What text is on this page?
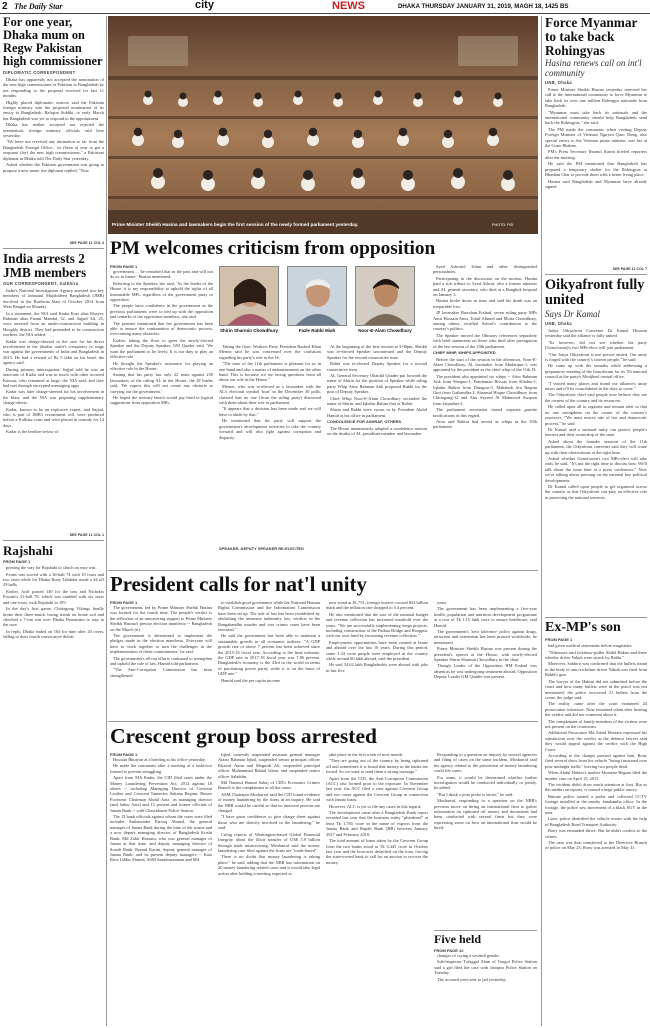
2 The Daily Star	city	NEWS	DHAKA THURSDAY JANUARY 31, 2019, MAGH 18, 1425 BS
For one year, Dhaka mum on Regw Pakistan high commissioner
DIPLOMATIC CORRESPONDENT

Dhaka has apparently not accepted the nomination of the new high commissioner of Pakistan to Bangladesh by not responding to the proposal received for last 11 months.

Highly placed diplomatic sources said the Pakistan foreign ministry sent the proposed nomination of its envoy to Bangladesh, Rafiqim Siddiki, to early March but Bangladesh was yet to respond to the appointment.

Dhaka has neither accepted nor rejected the nomination, foreign ministry officials said here yesterday.

"We have not received any intimation so far from the Bangladesh Foreign Office... its (been a) year to get a response (for) the new high commissioner," a Pakistani diplomat in Dhaka told The Daily Star yesterday.

Asked whether the Pakistan government was going to propose a new name, the diplomat replied, "Now

SEE PAGE 11 COL 4
India arrests 2 JMB members
OUR CORRESPONDENT, Satkhira

India's National Investigation Agency arrested two key members of Jamaatul Mujahideen Bangladesh (JMB) involved in the Burdwan blast of October 2014 from West Bengal on Monday.

In a statement, the NIA said Kadar Kazi alias Khayer, Rahman alias Farani Mandal, 32, and Sajjad Ali, 25, were arrested from an under-construction building in Hooghly district. They had pretended to be construction workers, the NIA added.

Kadar was charge-sheeted in the case for his direct involvement in the jihadist outfit's conspiracy to wage war against the governments of India and Bangladesh in 2013. He had a reward of Rs 5 lakh on his head, the agency said.

During primary interrogation, Sajjad told he was an associate of Kadar and was in touch with other accused Kawsar, who remained at large; the NIA said, and they had met through encrypted messaging apps.

Kadar was later charge-sheeted for his involvement in the blast, and the NIA was preparing supplementary charge-sheets.

Kadar, known to be an explosive expert, and Sajjad, who is part of JMB's recruitment cell, were produced before a Kolkata court and were placed in custody for 14 days.

Kadar is the brother-in-law of

SEE PAGE 11 COL 1
Rajshahi
FROM PAGE 1

proving the way for Rajshahi to clinch an easy win.

Evans was scored with a 36-ball 74 with 10 fours and two sixes while for Dhaka Rony Talukdar made a 44 off 29 balls.

Earlier, Ariff posted 149 for the toss and Nicholas Pooran's 31-ball 78, which was studded with six sixes and one fours, took Rajshahi to 195.

In the day's first game, Chittagong Vikings finally broke their three-match losing streak on home soil and clinched a 7-run win over Dhaka Dynamites to stay in the race.

In reply, Dhaka ended on 163 for nine after 20 overs, falling to their fourth consecutive defeat.

Prime Minister Sheikh Hasina and lawmakers begin the first session of the newly formed parliament yesterday.	PHOTO: PID
PM welcomes criticism from opposition
FROM PAGE 1

government ... 'he remarked that in the past and will not do so in future,' Hasina mentioned.

Referring to the Speaker, she said, 'As the leader of the House, it is my responsibility to uphold the rights of all honourable MPs, regardless of the government party or opposition.'

The people have confidence in the government as the previous parliaments were so tied up with the opposition and remarks of the opposition members, she said.

The premier mentioned that her government has been able to ensure the continuation of democratic process, overcoming many obstacles.

Earlier, taking the floor to greet the newly-elected Speaker and the Deputy Speaker, GM Quader said, 'We want the parliament to be lively. It is our duty to play an effective role.'

He thought the Speaker's assistance for playing an effective role in the House.

Stating that his party has only 22 seats against 258 lawmakers of the ruling AL in the House, the JP leader said, 'We expect this will not create any obstacle to carrying out the government.'

He hoped the treasury bench would pay heed to logical suggestions from opposition MPs.

Shirin Sharmin Chowdhury	Fazle Rabbi Miah	Noor-E-Alam Chowdhury

Taking the floor, Workers Party President Rashed Khan Menon said he was concerned over the confusion regarding his party's role in the JS.

"The state of the 11th parliament is pleasant for us in one hand and also a matter of embarrassment on the other hand. This is because we are facing questions from all about our role in the House."

Menon, who was re-elected as a lawmaker with the AL's electoral symbol 'boat' in the December 30 polls, claimed that no one (from the ruling party) discussed with them about their role in parliament.

"It appears that a decision has been made and we will have to abide by that."

He mentioned that his party will support the government's development activities to take the country forward and will also fight against corruption and disparity.

SPEAKER, DEPUTY SPEAKER RE-ELECTED

At the beginning of the first session at 3:00pm, Sheikh was re-elected Speaker uncontested and the Deputy Speaker for the second consecutive time.

Rabbi was re-elected Deputy Speaker for a second consecutive term.

AL General Secretary Obaidul Quader put forward the name of Shirin for the position of Speaker while ruling party Whip Atiur Rahman Atik proposed Rabbi for the post of Deputy Speaker.

Chief Whip Noor-E-Alam Chowdhury seconded the name of Shirin, and Iqbalur Rahim that of Rabbi.

Shirin and Rabbi were sworn in by President Abdul Hamid at his office in parliament.

CONDOLENCE FOR ASHRAF, OTHERS

The House unanimously adopted a condolence motion on the deaths of AL presidium member and lawmaker

Syed Ashraful Islam and other distinguished personalities.

Participating in the discussion on the motion, Hasina paid a rich tribute to Syed Ashraf, also a former minister and AL general secretary, who died at a Bangkok hospital on January 3.

Hasina broke down in tears and said his death was an irreparable loss.

JP lawmaker Rawshan Ershad, seven ruling party MPs Amir Hossain Amu, Tofail Ahmed and Motia Chowdhury, among others, recalled Ashraf's contribution to the country's politics.

The Speaker moved the Obituary references separately with brief statements on those who died after prorogation of the last session of the 10th parliament.

CHIEF WHIP, WHIPS APPOINTED

Before the start of the session in the afternoon, Noor-E-Alam Chowdhury, AL lawmaker from Madaripur-1, was appointed by the president as the chief whip of the 11th JS.

The president also appointed six whips -- Atiur Rahman Atik from Sherpur-1, Panchanan Biswas from Khulna-1, Iqbalur Rahim from Dinajpur-3, Mahabub Ara Begum Gini from Gaibandha-2, Shamsul Hoque Chowdhury from Chittagong-12 and Abu Sayeed Al Mahmood Swapon from Jaipurhat-2.

The parliament secretariat issued separate gazette notifications in this regard.

Atiur and Rahim had served as whips in the 10th parliament.

President calls for nat'l unity
FROM PAGE 1

The government, led by Prime Minister Sheikh Hasina was formed for the fourth time. The people's verdict is the reflection of an unwavering support to Prime Minister Sheikh Hasina's precise election manifesto -- Bangladesh on the March (tt).

The government is determined to implement the pledges made in the election manifesto. Everyone will have to work together to turn the challenges in the implementation of these commitments,' he said.

The government's all-out efforts continued to strengthen and uphold the rule of law, Hamid told parliament.

"The Anti-Corruption Commission has been strengthened

to establish good governance while the National Human Rights Commission and the Information Commission have been set up. The rule of law has been established by abolishing the immense indemnity law, verdicts in the Bangabandhu murder and war crimes cases have been executed."

He said the government has been able to maintain a sustainable growth in all economic indexes. "A GDP growth rate of above 7 percent has been achieved since the 2015-16 fiscal year. According to the final estimate, the GDP rate in 2017-18 fiscal year was 7.86 percent. Bangladesh's economy is the 43rd in the world in terms of purchasing power parity while it is on the basis of GDP rate."

Hamid said the per capita income

now stood at $1,751; foreign reserve crossed $32 billion mark and the inflation rate dropped to 5.4 percent.

He also mentioned that the size of the national budget and revenue collection has increased manifold over the years. "We are successfully implementing mega projects, including construction of the Padma Bridge and Rooppur, with our own fund by increasing revenue collection."

Employment opportunities have been created at home and abroad over the last 10 years. During this period, some 1.34 crore people were employed in the country while around 60 lakh abroad, said the president.

He said 34.62 lakh Bangladeshis were abroad with jobs in last five

years.

The government has been implementing a five-year health, population and nutrition development programme at a cost of Tk 1.15 lakh crore to ensure healthcare, said Hamid.

The government's 'zero tolerance' policy against drugs, terrorism and extremism has been praised worldwide, he mentioned.

Prime Minister Sheikh Hasina was present during the president's speech at the House, with newly-elected Speaker Shirin Sharmin Chowdhury in the chair.

Though Leader of the Opposition HM Ershad was absent as he was undergoing treatment abroad, Opposition Deputy Leader GM Quader was present.

Crescent group boss arrested
FROM PAGE 1

Hossain Bhuiyan at a briefing at his office yesterday.

He made the comments after a meeting of a taskforce formed to prevent smuggling.

Apart from MA Kader, the CID filed cases under the Money Laundering Prevention Act, 2012 against 18 others -- including Managing Director of Crescent Leather and Crescent Tanneries Sultana Begum, Rimex Footwear Chairman Abdul Aziz, its managing director (and father Aziz) and 13 present and former officials of Janata Bank -- with Chawkbazar Police Station.

The 13 bank officials against whom the cases were filed includes Ambassador Farooq Ahmed, the general manager of Janata Bank during the time of the scams and a now deputy managing director of Bangladesh Krishi Bank; Md Zakir Hossain, who was general manager of Janata at that time, and deputy managing director of Sonali Bank; Rezaul Karim, deputy general manager of Janata Bank; and its present deputy managers -- Kazi Ross Uddin Ahmed, ASM Saadatuzzaman and Md

Iqbal, currently suspended assistant general manager Atanu Rahman Iqbal, suspended senior principal officer Khairul Amin and Mogurth Ali, suspended principal officer Mohammad Rabiul Islam, and suspended senior officer Saladdin.

Md Nazmul Hasnat Sabuj of CID's Economic Crimes Branch is the complainant in all the cases.

ASM Chatrapur Mosharraf said the CID found evidence of money laundering by the firms in an inquiry. He said the NBR would be careful so that no innocent persons are charged.

"I have great confidence to give charge sheet against those who are directly involved in the laundering," he said.

Citing reports of Washington-based Global Financial Integrity about the illicit transfer of US$ 5.9 billion through trade misinvoicing, Mosharraf said the money laundering case filed against the firms are "tooth-based".

There is no doubt that money laundering is taking place," he said, adding that the NBR has information on 20 money laundering related cases and it would take legal action after holding a meeting expected to

take place in the first week of next month.

"They are going out of the country by being siphoned off and sometimes it is found that money in the banks are looted. So we want to send them a strong message."

Apart from the CID, the Anti-Corruption Commission (ACC) also formed prior to the exposure. In November last year, the ACC filed a case against Crescent Group and two cases against the Crescent Group in connection with Janata loans.

However, ACC is yet to file any cases in this regard.

The development came after a Bangladesh Bank report revealed last year that the business entity "plundered" at least Tk 1,765 crore in the name of exports from the Janata Bank and Rupali Bank [BB] between January 2017 and February 2018.

The total amount of loans taken by the Crescent Group from the two banks stood at Tk 3,445 crore in October last year and the borrower defaulted on the loan, forcing the state-owned bank to call for an auction to recover the money.

Responding to a question on inquiry by several agencies and filing of cases on the same incident, Mosharraf said his agency related to the prevention of money laundering could file cases.

For some, it would be determined whether further investigation would be conducted individually or jointly, he added.

"But I think a joint probe is better," he said.

Mosharraf, responding to a question on the NBR's previous move on hiring an international firm to gather information on siphoned off money and documents had been conducted with several firms but they were expressing some on how an international firm would be hired.

Five held
FROM PAGE 12

changes of crying a seventh gender.

Sub-Inspector Tofaggal Alam of Tongoi Police Station said a girl filed the case with Jatrapur Police Station on Tuesday.

The accused were sent to jail yesterday.

Force Myanmar to take back Rohingyas
Hasina renews call on int'l community
UNB, Dhaka

Prime Minister Sheikh Hasina yesterday renewed her call to the international community to force Myanmar to take back its over one million Rohingya nationals from Bangladesh.

"Myanmar must take back its nationals and the international community should help Bangladesh send back the Rohingyas," she said.

The PM made the comments when visiting Deputy Foreign Minister of Vietnam Nguyen Quoc Dung, also special envoy to the Vietnam prime minister, met her at the Gono Bhaban.

PM's Press Secretary Ihsanul Karim briefed reporters after the meeting.

He said the PM mentioned that Bangladesh has prepared a temporary shelter for the Rohingyas at Bhashan Char to provide them with a better living place.

Hasina said Bangladesh and Myanmar have already signed

SEE PAGE 11 COL 7
Oikyafront fully united
Says Dr Kamal
UNB, Dhaka

Jatiya Oikyafront Convener Dr Kamal Hossain yesterday said the alliance is fully united.

"Its however, did not see whether his party (Gonoforum)'s two MPs-elect will join parliament.

"Our Jatiya Oikyafront is one person united. Our unity is forged with the country's sixteen people," he said.

He came up with the remarks while addressing a preparatory meeting of the Gonoforum for its 7th national council at the party's Motijheel central office.

"I visited many places and found our alliance's unity intact and it'll be consolidated in the days to come."

The Oikyafront chief said people now believe they are the owners of the country and its resources.

He called upon all to organise and remain alert so that no one strengthens on the owner of the country's resources. "We must restore rule of law and democratic process," he said.

Dr Kamal said a national unity can protect people's interest and their ownership of the state.

Asked about the founder sessions of the 11th parliament, the Oikyafront convener said they will come up with their observations at the right time.

Asked whether Gonoforum's two MPs-elect will take oath, he said, "It's not the right time to discuss how. We'll talk about the issue later at a press conference." Now we're talking about pressing on the national key political developments.

Dr Kamal called upon people to get organised across the country as that Oikyafront can play an effective role in protecting the national interests.

Ex-MP's son
FROM PAGE 1

had given medical statements before magistrate.

"Witnesses said rickshaw-puller Abdul Hakim and three wheeler driver Yakub were struck by Rabbi."

Moreover, Sabbiru was confirmed that the bullets found in the body of auto-rickshaw driver Yakub was fired from Rabbi's gun.

The lawyer of the Hakim did not submitted before the court and how many bullets were in the pistol was not mentioned; the police recovered 21 bullets from the scene, the judge said.

The reality came after the court examined 24 prosecution witnesses. Nine remained silent after hearing the verdict and did not comment about it.

The complainant of family members of the victims were not present on the courtroom.

Additional Prosecutor Md Zahid Hossain expressed his satisfaction over the verdict as the defence lawyer said they would appeal against the verdict with the High Court.

According to the charges pressed against him, Rony fired several shots from his vehicle "being frustrated over post-midnight traffic" leaving two people dead.

When Abdul Hakim's mother Momena Begum filed the murder case on April 15, 2015.

The incident didn't draw much attention at first. But as the media ran reports, it caused a huge public outcry.

Rmtute police started a probe and collected CCTV footage installed at the nearby Janakantha office. In the footage, the police saw movement of a black SUV in the area.

Later, police identified the vehicle owner with the help of Bangladesh Road Transport Authority.

Rony was remanded thrice. But he didn't confess to the crimes.

The case was then transferred to the Detective Branch of police on May 23; Rony was arrested in May 31.
